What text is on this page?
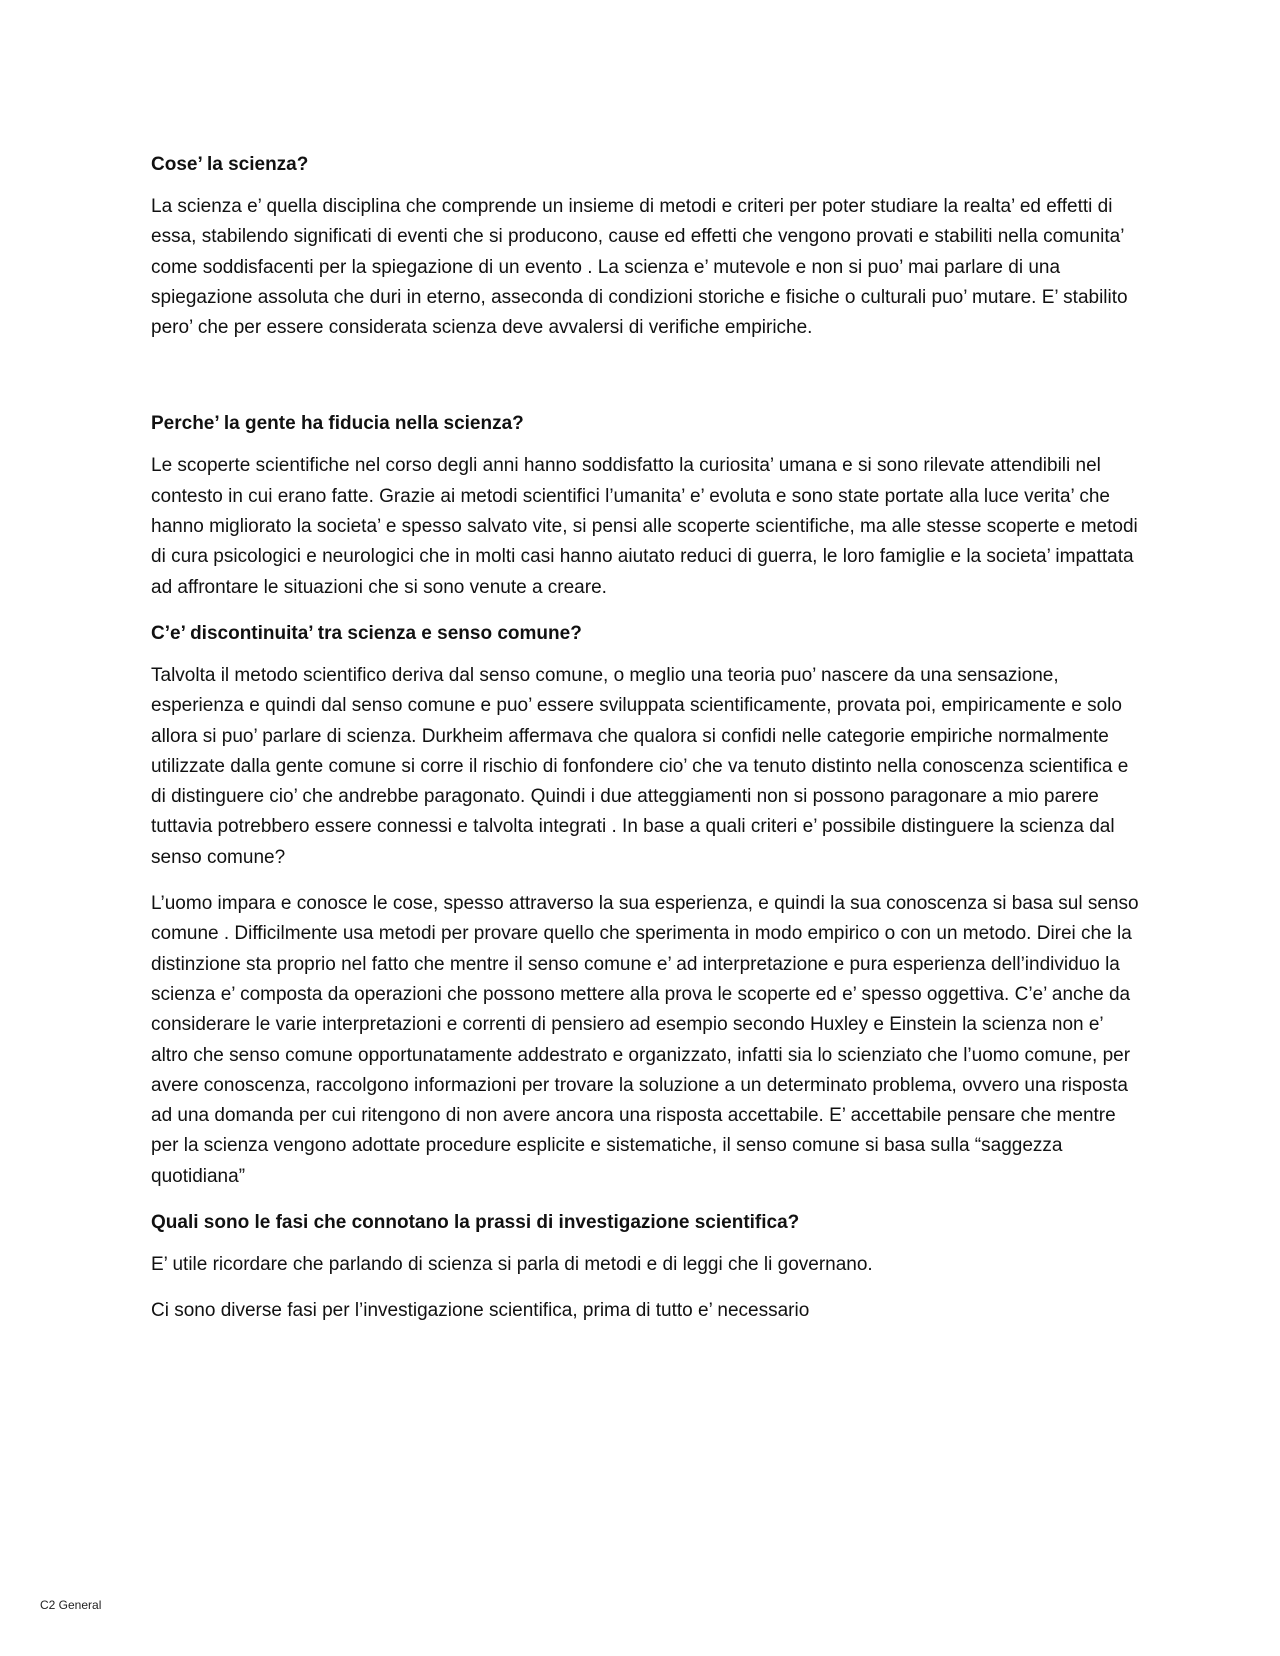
Cose’ la scienza?

La scienza e’ quella disciplina che comprende un insieme di metodi e criteri per poter studiare la realta’ ed effetti di essa, stabilendo significati di eventi che si producono, cause ed effetti che vengono provati e stabiliti nella comunita’ come soddisfacenti per la spiegazione di un evento . La scienza e’ mutevole e non si puo’ mai parlare di una spiegazione assoluta che duri in eterno, asseconda di condizioni storiche e fisiche o culturali puo’ mutare. E’ stabilito pero’ che per essere considerata scienza deve avvalersi di verifiche empiriche.

Perche’ la gente ha fiducia nella scienza?

Le scoperte scientifiche nel corso degli anni hanno soddisfatto la curiosita’ umana e si sono rilevate attendibili nel contesto in cui erano fatte. Grazie ai metodi scientifici l’umanita’ e’ evoluta e sono state portate alla luce verita’ che hanno migliorato la societa’ e spesso salvato vite, si pensi alle scoperte scientifiche, ma alle stesse scoperte e metodi di cura psicologici e neurologici che in molti casi hanno aiutato reduci di guerra, le loro famiglie e la societa’ impattata ad affrontare le situazioni che si sono venute a creare.

C’e’ discontinuita’ tra scienza e senso comune?

Talvolta il metodo scientifico deriva dal senso comune, o meglio una teoria puo’ nascere da una sensazione, esperienza e quindi dal senso comune e puo’ essere sviluppata scientificamente, provata poi, empiricamente e solo allora si puo’ parlare di scienza. Durkheim affermava che qualora si confidi nelle categorie empiriche normalmente utilizzate dalla gente comune si corre il rischio di fonfondere cio’ che va tenuto distinto nella conoscenza scientifica e di distinguere cio’ che andrebbe paragonato. Quindi i due atteggiamenti non si possono paragonare a mio parere tuttavia potrebbero essere connessi e talvolta integrati . In base a quali criteri e’ possibile distinguere la scienza dal senso comune?

L’uomo impara e conosce le cose, spesso attraverso la sua esperienza, e quindi la sua conoscenza si basa sul senso comune . Difficilmente usa metodi per provare quello che sperimenta in modo empirico o con un metodo. Direi che la distinzione sta proprio nel fatto che mentre il senso comune e’ ad interpretazione e pura esperienza dell’individuo la scienza e’ composta da operazioni che possono mettere alla prova le scoperte ed e’ spesso oggettiva. C’e’ anche da considerare le varie interpretazioni e correnti di pensiero ad esempio secondo Huxley e Einstein la scienza non e’ altro che senso comune opportunatamente addestrato e organizzato, infatti sia lo scienziato che l’uomo comune, per avere conoscenza, raccolgono informazioni per trovare la soluzione a un determinato problema, ovvero una risposta ad una domanda per cui ritengono di non avere ancora una risposta accettabile. E’ accettabile pensare che mentre per la scienza vengono adottate procedure esplicite e sistematiche, il senso comune si basa sulla “saggezza quotidiana”

Quali sono le fasi che connotano la prassi di investigazione scientifica?

E’ utile ricordare che parlando di scienza si parla di metodi e di leggi che li governano.

Ci sono diverse fasi per l’investigazione scientifica, prima di tutto e’ necessario

C2 General
